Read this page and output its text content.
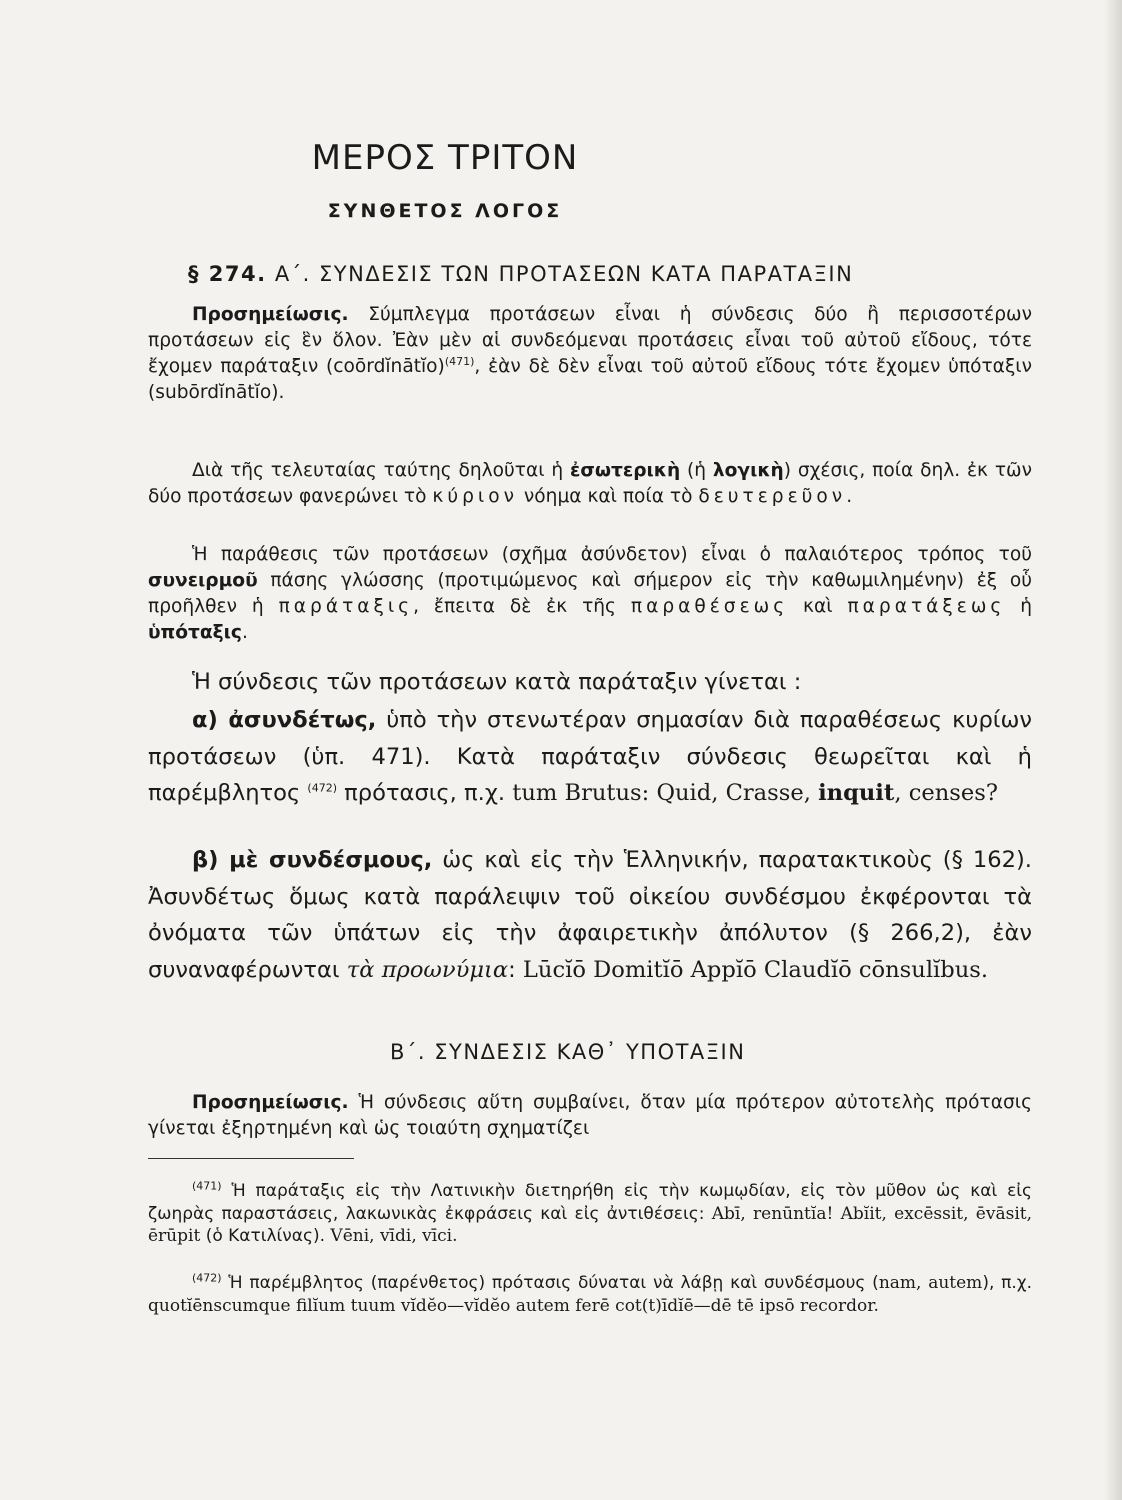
ΜΕΡΟΣ ΤΡΙΤΟΝ
ΣΥΝΘΕΤΟΣ ΛΟΓΟΣ
§ 274. Α΄. ΣΥΝΔΕΣΙΣ ΤΩΝ ΠΡΟΤΑΣΕΩΝ ΚΑΤΑ ΠΑΡΑΤΑΞΙΝ

Προσημείωσις. Σύμπλεγμα προτάσεων εἶναι ἡ σύνδεσις δύο ἢ περισσοτέρων προτάσεων εἰς ἓν ὅλον. Ἐὰν μὲν αἱ συνδεόμεναι προτάσεις εἶναι τοῦ αὐτοῦ εἴδους, τότε ἔχομεν παράταξιν (coōrdĭnātĭo)$^{(471)}$, ἐὰν δὲ δὲν εἶναι τοῦ αὐτοῦ εἴδους τότε ἔχομεν ὑπόταξιν (subōrdĭnātĭo).

Διὰ τῆς τελευταίας ταύτης δηλοῦται ἡ ἐσωτερικὴ (ἡ λογικὴ) σχέσις, ποία δηλ. ἐκ τῶν δύο προτάσεων φανερώνει τὸ κύριον νόημα καὶ ποία τὸ δευτερεῦον.

Ἡ παράθεσις τῶν προτάσεων (σχῆμα ἀσύνδετον) εἶναι ὁ παλαιότερος τρόπος τοῦ συνειρμοῦ πάσης γλώσσης (προτιμώμενος καὶ σήμερον εἰς τὴν καθωμιλημένην) ἐξ οὗ προῆλθεν ἡ παράταξις, ἔπειτα δὲ ἐκ τῆς παραθέσεως καὶ παρατάξεως ἡ ὑπόταξις.

Ἡ σύνδεσις τῶν προτάσεων κατὰ παράταξιν γίνεται :

α) ἀσυνδέτως, ὑπὸ τὴν στενωτέραν σημασίαν διὰ παραθέσεως κυρίων προτάσεων (ὑπ. 471). Κατὰ παράταξιν σύνδεσις θεωρεῖται καὶ ἡ παρέμβλητος $^{(472)}$ πρότασις, π.χ. tum Brutus: Quid, Crasse, inquit, censes?

β) μὲ συνδέσμους, ὡς καὶ εἰς τὴν Ἑλληνικήν, παρατακτικοὺς (§ 162). Ἀσυνδέτως ὅμως κατὰ παράλειψιν τοῦ οἰκείου συνδέσμου ἐκφέρονται τὰ ὀνόματα τῶν ὑπάτων εἰς τὴν ἀφαιρετικὴν ἀπόλυτον (§ 266,2), ἐὰν συναναφέρωνται τὰ προωνύμια: Lūcĭō Domitĭō Appĭō Claudĭō cōnsulĭbus.

Β΄. ΣΥΝΔΕΣΙΣ ΚΑΘ᾽ ΥΠΟΤΑΞΙΝ

Προσημείωσις. Ἡ σύνδεσις αὕτη συμβαίνει, ὅταν μία πρότερον αὐτοτελὴς πρότασις γίνεται ἐξηρτημένη καὶ ὡς τοιαύτη σχηματίζει

$^{(471)}$ Ἡ παράταξις εἰς τὴν Λατινικὴν διετηρήθη εἰς τὴν κωμῳδίαν, εἰς τὸν μῦθον ὡς καὶ εἰς ζωηρὰς παραστάσεις, λακωνικὰς ἐκφράσεις καὶ εἰς ἀντιθέσεις: Abī, renūntĭa! Abĭit, excēssit, ēvāsit, ērūpit (ὁ Κατιλίνας). Vēni, vīdi, vīci.

$^{(472)}$ Ἡ παρέμβλητος (παρένθετος) πρότασις δύναται νὰ λάβῃ καὶ συνδέσμους (nam, autem), π.χ. quotĭēnscumque filĭum tuum vĭdĕo—vĭdĕo autem ferē cot(t)īdĭē—dē tē ipsō recordor.
